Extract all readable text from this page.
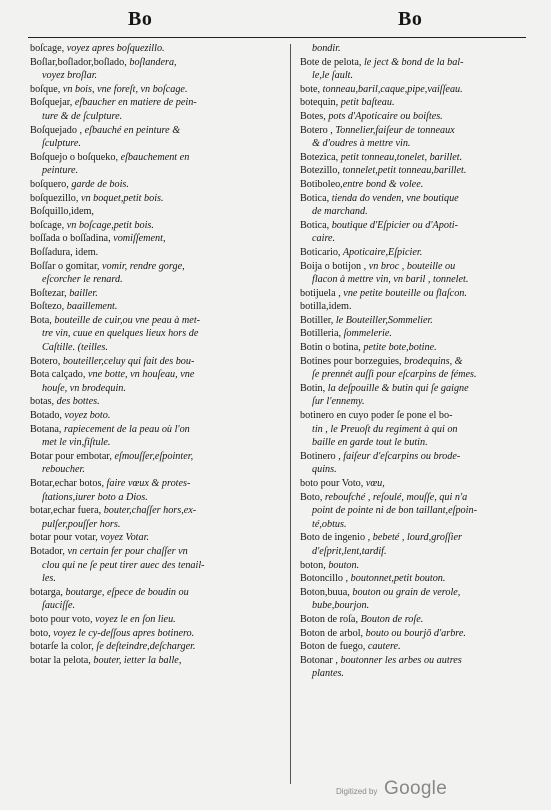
Bo	Bo
boſcage, voyez apres boſquezillo.
Boſlar,boſlador,boſlado, boſlandera,
voyez broſlar.
boſque, vn bois, vne foreſt, vn boſcage.
Boſquejar, eſbaucher en matiere de pein-
ture & de ſculpture.
Boſquejado , eſbauché en peinture &
ſculpture.
Boſquejo o boſqueko, eſbauchement en
peinture.
boſquero, garde de bois.
boſquezillo, vn boquet,petit bois.
Boſquillo,idem,
boſcage, vn boſcage,petit bois.
boſſada o boſſadina, vomiſſement,
Boſſadura, idem.
Boſſar o gomitar, vomir, rendre gorge,
eſcorcher le renard.
Boſtezar, bailler.
Boſtezo, baaillement.
Bota, bouteille de cuir,ou vne peau à met-
tre vin, cuue en quelques lieux hors de
Caſtille. (teilles.
Botero, bouteiller,celuy qui fait des bou-
Bota calçado, vne botte, vn houſeau, vne
houſe, vn brodequin.
botas, des bottes.
Botado, voyez boto.
Botana, rapiecement de la peau où l'on
met le vin,fiſtule.
Botar pour embotar, eſmouſſer,eſpointer,
reboucher.
Botar,echar botos, faire vœux & protes-
ſtations,iurer boto a Dios.
botar,echar fuera, bouter,chaſſer hors,ex-
pulſer,pouſſer hors.
botar pour votar, voyez Votar.
Botador, vn certain fer pour chaſſer vn
clou qui ne ſe peut tirer auec des tenail-
les.
botarga, boutarge, eſpece de boudin ou
ſauciſſe.
boto pour voto, voyez le en ſon lieu.
boto, voyez le cy-deſſous apres botinero.
botarſe la color, ſe deſteindre,deſcharger.
botar la pelota, bouter, ietter la balle,
bondir.
Bote de pelota, le ject & bond de la bal-
le,le ſault.
bote, tonneau,baril,caque,pipe,vaiſſeau.
botequin, petit baſteau.
Botes, pots d'Apoticaire ou boiſtes.
Botero , Tonnelier,faiſeur de tonneaux
& d'oudres à mettre vin.
Botezica, petit tonneau,tonelet, barillet.
Botezillo, tonnelet,petit tonneau,barillet.
Botiboleo,entre bond & volee.
Botica, tienda do venden, vne boutique
de marchand.
Botica, boutique d'Eſpicier ou d'Apoti-
caire.
Boticario, Apoticaire,Eſpicier.
Boija o botijon , vn broc , bouteille ou
flacon à mettre vin, vn baril , tonnelet.
botijuela , vne petite bouteille ou flaſcon.
botilla,idem.
Botiller, le Bouteiller,Sommelier.
Botilleria, ſommelerie.
Botin o botina, petite bote,botine.
Botines pour borzeguies, brodequins, &
ſe prennét auſſi pour eſcarpins de fémes.
Botin, la deſpouille & butin qui ſe gaigne
ſur l'ennemy.
botinero en cuyo poder ſe pone el bo-
tin , le Preuoſt du regiment à qui on
baille en garde tout le butin.
Botinero , faiſeur d'eſcarpins ou brode-
quins.
boto pour Voto, vœu,
Boto, reboufché , reſoulé, mouſſe, qui n'a
point de pointe ni de bon taillant,eſpoin-
té,obtus.
Boto de ingenio , bebeté , lourd,groſſier
d'eſprit,lent,tardif.
boton, bouton.
Botoncillo , boutonnet,petit bouton.
Boton,buua, bouton ou grain de verole,
bube,bourjon.
Boton de roſa, Bouton de roſe.
Boton de arbol, bouto ou bourjō d'arbre.
Boton de fuego, cautere.
Botonar , boutonner les arbes ou autres
plantes.
Digitized by Google
